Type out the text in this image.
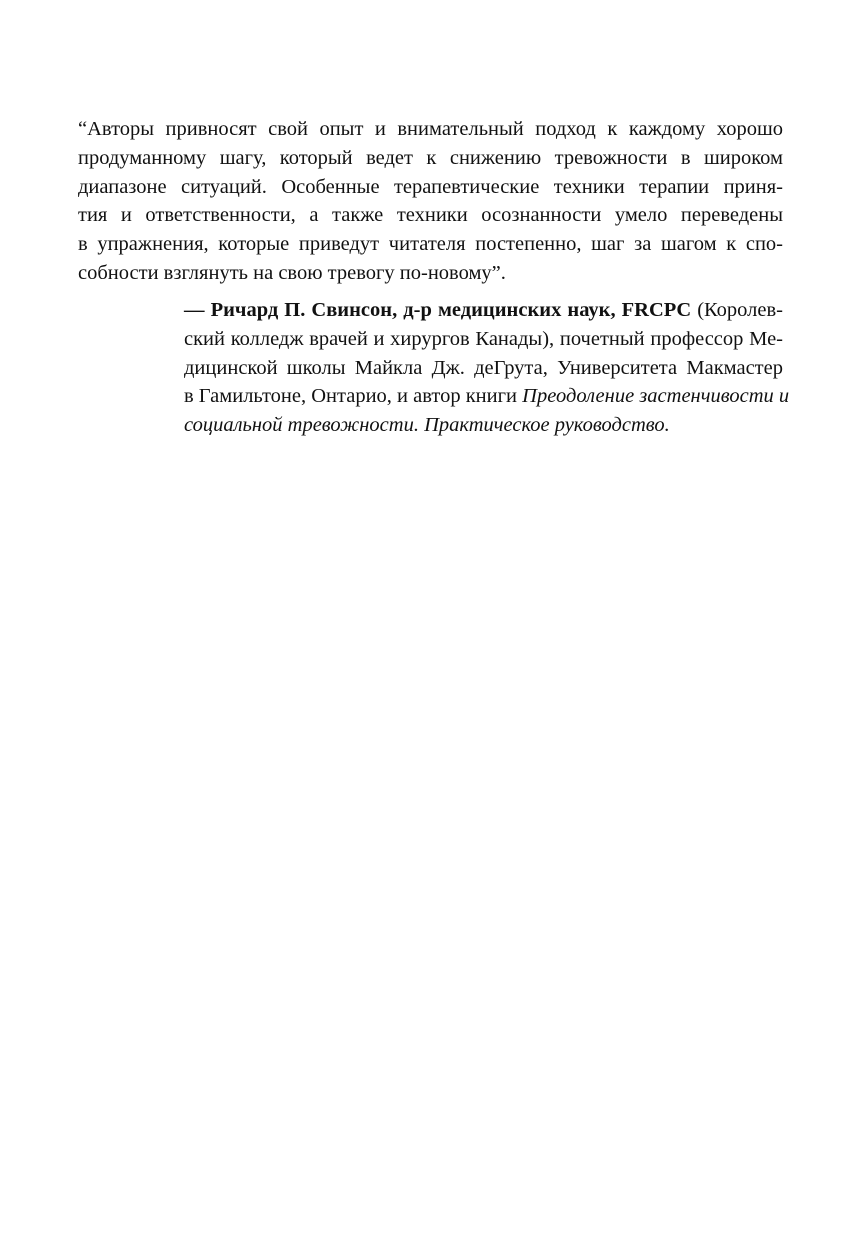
“Авторы привносят свой опыт и внимательный подход к каждому хорошо
продуманному шагу, который ведет к снижению тревожности в широком
диапазоне ситуаций. Особенные терапевтические техники терапии приня-
тия и ответственности, а также техники осознанности умело переведены
в упражнения, которые приведут читателя постепенно, шаг за шагом к спо-
собности взглянуть на свою тревогу по-новому”.
— Ричард П. Свинсон, д-р медицинских наук, FRCPC (Королев-
ский колледж врачей и хирургов Канады), почетный профессор Ме-
дицинской школы Майкла Дж. деГрута, Университета Макмастер
в Гамильтоне, Онтарио, и автор книги Преодоление застенчивости и
социальной тревожности. Практическое руководство.
